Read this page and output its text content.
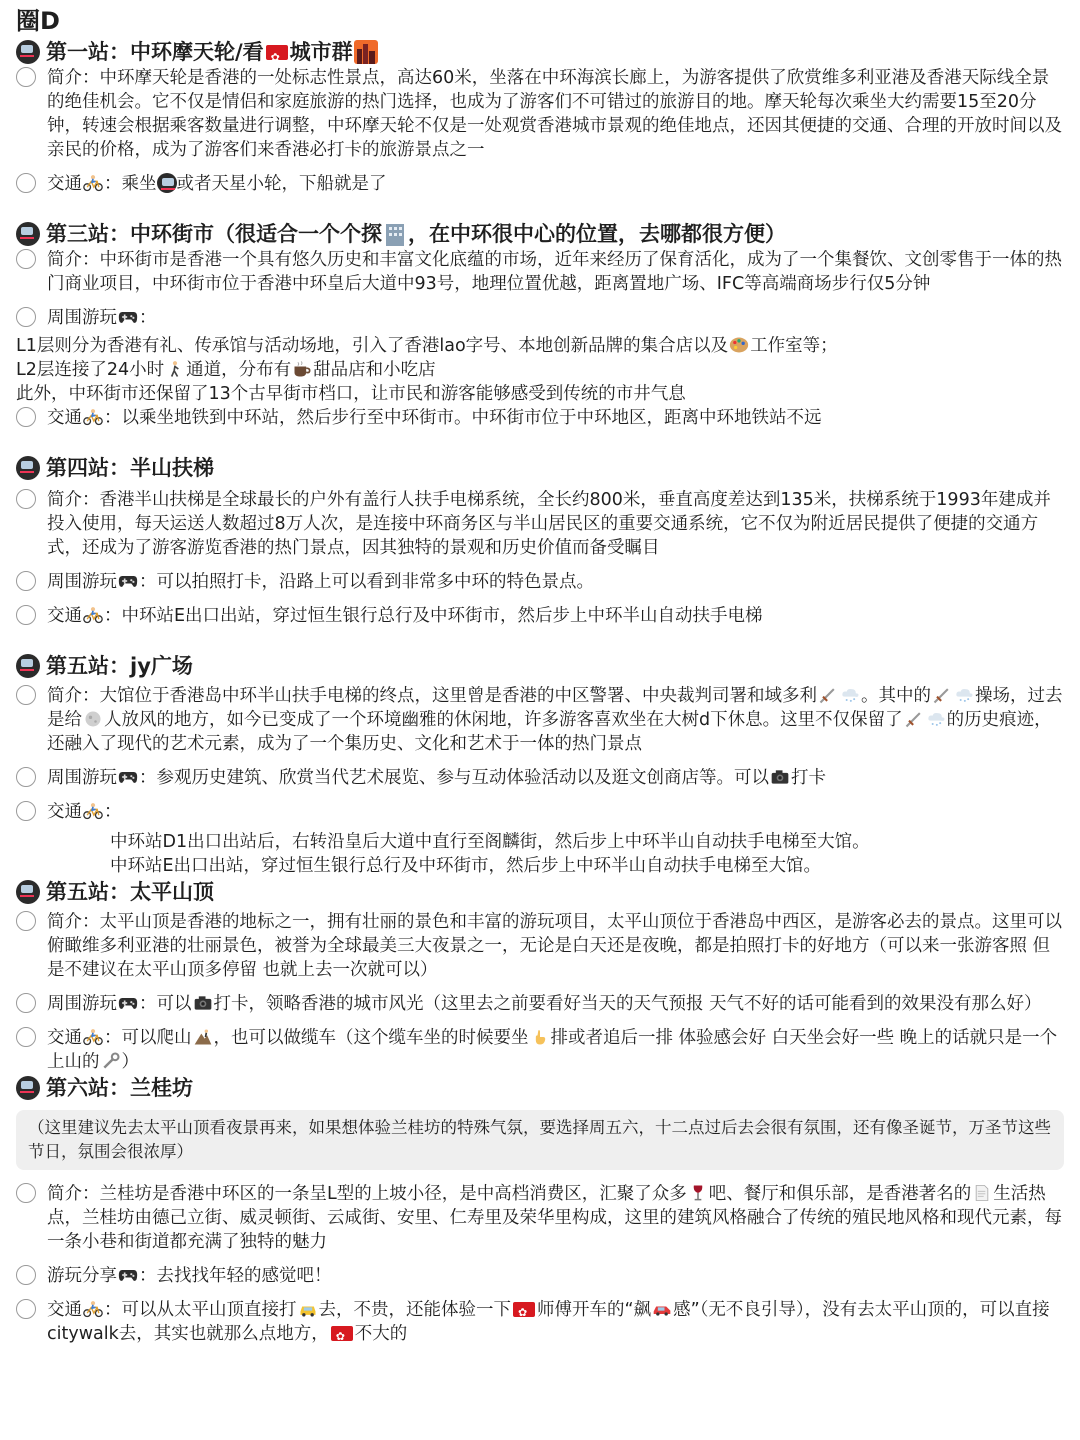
圈D
第一站：中环摩天轮/看 ✿ 城市群
简介：中环摩天轮是香港的一处标志性景点，高达60米，坐落在中环海滨长廊上，为游客提供了欣赏维多利亚港及香港天际线全景的绝佳机会。它不仅是情侣和家庭旅游的热门选择，也成为了游客们不可错过的旅游目的地。摩天轮每次乘坐大约需要15至20分钟，转速会根据乘客数量进行调整，中环摩天轮不仅是一处观赏香港城市景观的绝佳地点，还因其便捷的交通、合理的开放时间以及亲民的价格，成为了游客们来香港必打卡的旅游景点之一
交通 ：乘坐 或者天星小轮，下船就是了
第三站：中环街市（很适合一个个探 ，在中环很中心的位置，去哪都很方便）
简介：中环街市是香港一个具有悠久历史和丰富文化底蕴的市场，近年来经历了保育活化，成为了一个集餐饮、文创零售于一体的热门商业项目，中环街市位于香港中环皇后大道中93号，地理位置优越，距离置地广场、IFC等高端商场步行仅5分钟
周围游玩 ：
L1层则分为香港有礼、传承馆与活动场地，引入了香港lao字号、本地创新品牌的集合店以及 工作室等；
L2层连接了24小时 通道，分布有 甜品店和小吃店
此外，中环街市还保留了13个古早街市档口，让市民和游客能够感受到传统的市井气息
交通 ：以乘坐地铁到中环站，然后步行至中环街市。中环街市位于中环地区，距离中环地铁站不远
第四站：半山扶梯
简介：香港半山扶梯是全球最长的户外有盖行人扶手电梯系统，全长约800米，垂直高度差达到135米，扶梯系统于1993年建成并投入使用，每天运送人数超过8万人次，是连接中环商务区与半山居民区的重要交通系统，它不仅为附近居民提供了便捷的交通方式，还成为了游客游览香港的热门景点，因其独特的景观和历史价值而备受瞩目
周围游玩 ：可以拍照打卡，沿路上可以看到非常多中环的特色景点。
交通 ：中环站E出口出站，穿过恒生银行总行及中环街市，然后步上中环半山自动扶手电梯
第五站：jy广场
简介：大馆位于香港岛中环半山扶手电梯的终点，这里曾是香港的中区警署、中央裁判司署和域多利	。其中的	操场，过去是给 人放风的地方，如今已变成了一个环境幽雅的休闲地，许多游客喜欢坐在大树d下休息。这里不仅保留了	的历史痕迹，还融入了现代的艺术元素，成为了一个集历史、文化和艺术于一体的热门景点
周围游玩 ：参观历史建筑、欣赏当代艺术展览、参与互动体验活动以及逛文创商店等。可以 打卡
交通 ：
中环站D1出口出站后，右转沿皇后大道中直行至阁麟街，然后步上中环半山自动扶手电梯至大馆。
中环站E出口出站，穿过恒生银行总行及中环街市，然后步上中环半山自动扶手电梯至大馆。
第五站：太平山顶
简介：太平山顶是香港的地标之一，拥有壮丽的景色和丰富的游玩项目，太平山顶位于香港岛中西区，是游客必去的景点。这里可以俯瞰维多利亚港的壮丽景色，被誉为全球最美三大夜景之一，无论是白天还是夜晚，都是拍照打卡的好地方（可以来一张游客照 但是不建议在太平山顶多停留 也就上去一次就可以）
周围游玩 ：可以 打卡，领略香港的城市风光（这里去之前要看好当天的天气预报 天气不好的话可能看到的效果没有那么好）
交通 ：可以爬山 ，也可以做缆车（这个缆车坐的时候要坐 排或者追后一排 体验感会好 白天坐会好一些 晚上的话就只是一个上山的 ）
第六站：兰桂坊
（这里建议先去太平山顶看夜景再来，如果想体验兰桂坊的特殊气氛，要选择周五六，十二点过后去会很有氛围，还有像圣诞节，万圣节这些节日，氛围会很浓厚）
简介：兰桂坊是香港中环区的一条呈L型的上坡小径，是中高档消费区，汇聚了众多 吧、餐厅和俱乐部，是香港著名的 生活热点，兰桂坊由德己立街、威灵顿街、云咸街、安里、仁寿里及荣华里构成，这里的建筑风格融合了传统的殖民地风格和现代元素，每一条小巷和街道都充满了独特的魅力
游玩分享 ：去找找年轻的感觉吧！
交通 ：可以从太平山顶直接打 去，不贵，还能体验一下 ✿ 师傅开车的“飙 感”（无不良引导），没有去太平山顶的，可以直接citywalk去，其实也就那么点地方， ✿ 不大的
